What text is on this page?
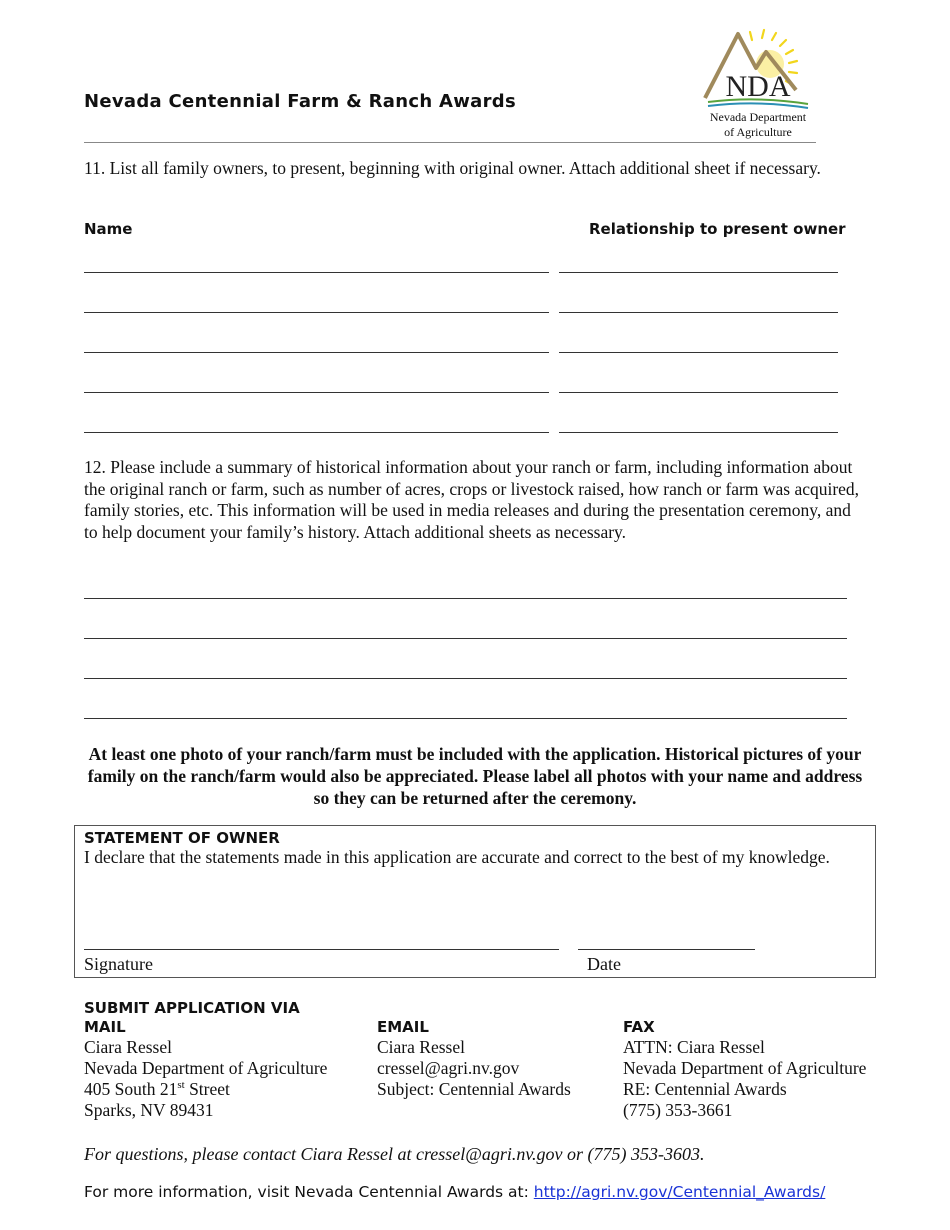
Nevada Centennial Farm & Ranch Awards	NDA
Nevada Department
of Agriculture
11. List all family owners, to present, beginning with original owner. Attach additional sheet if necessary.
Name	Relationship to present owner
12. Please include a summary of historical information about your ranch or farm, including information about the original ranch or farm, such as number of acres, crops or livestock raised, how ranch or farm was acquired, family stories, etc. This information will be used in media releases and during the presentation ceremony, and to help document your family’s history. Attach additional sheets as necessary.
At least one photo of your ranch/farm must be included with the application. Historical pictures of your family on the ranch/farm would also be appreciated. Please label all photos with your name and address so they can be returned after the ceremony.
STATEMENT OF OWNER
I declare that the statements made in this application are accurate and correct to the best of my knowledge.
Signature	Date
SUBMIT APPLICATION VIA
MAIL
Ciara Ressel
Nevada Department of Agriculture
405 South 21st Street
Sparks, NV 89431
EMAIL
Ciara Ressel
cressel@agri.nv.gov
Subject: Centennial Awards
FAX
ATTN: Ciara Ressel
Nevada Department of Agriculture
RE: Centennial Awards
(775) 353-3661
For questions, please contact Ciara Ressel at cressel@agri.nv.gov or (775) 353-3603.
For more information, visit Nevada Centennial Awards at: http://agri.nv.gov/Centennial_Awards/
